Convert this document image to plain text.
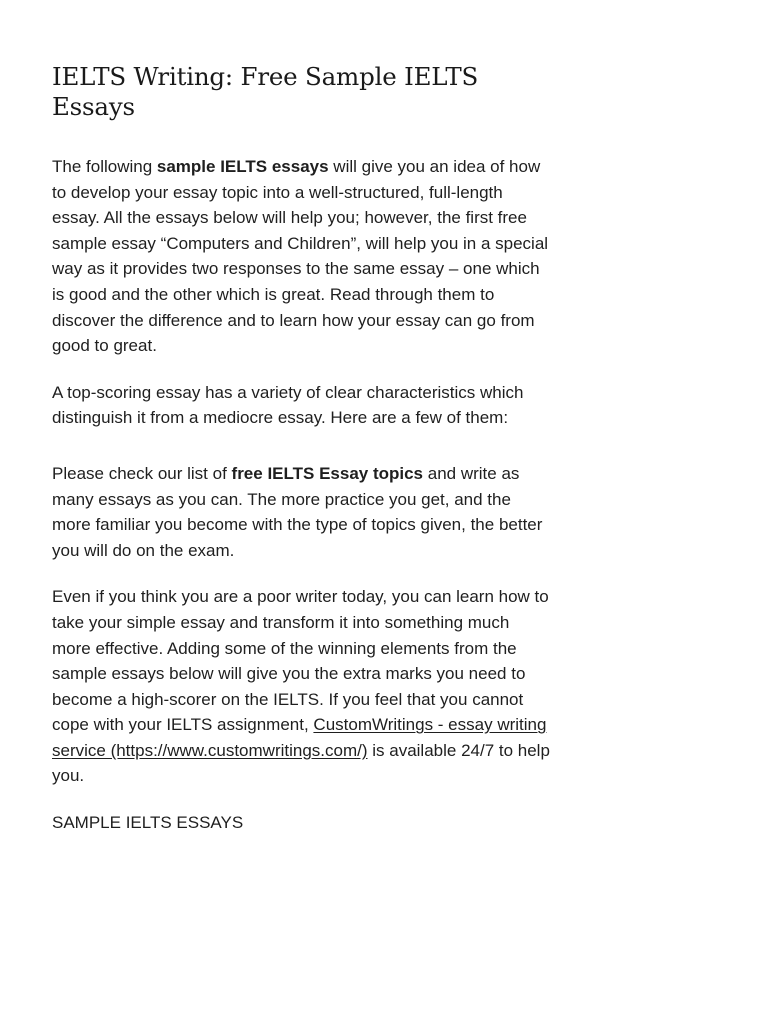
IELTS Writing: Free Sample IELTS Essays

The following sample IELTS essays will give you an idea of how to develop your essay topic into a well-structured, full-length essay. All the essays below will help you; however, the first free sample essay “Computers and Children”, will help you in a special way as it provides two responses to the same essay – one which is good and the other which is great. Read through them to discover the difference and to learn how your essay can go from good to great.

A top-scoring essay has a variety of clear characteristics which distinguish it from a mediocre essay. Here are a few of them:

Please check our list of free IELTS Essay topics and write as many essays as you can. The more practice you get, and the more familiar you become with the type of topics given, the better you will do on the exam.

Even if you think you are a poor writer today, you can learn how to take your simple essay and transform it into something much more effective. Adding some of the winning elements from the sample essays below will give you the extra marks you need to become a high-scorer on the IELTS. If you feel that you cannot cope with your IELTS assignment, CustomWritings - essay writing service (https://www.customwritings.com/) is available 24/7 to help you.

SAMPLE IELTS ESSAYS
